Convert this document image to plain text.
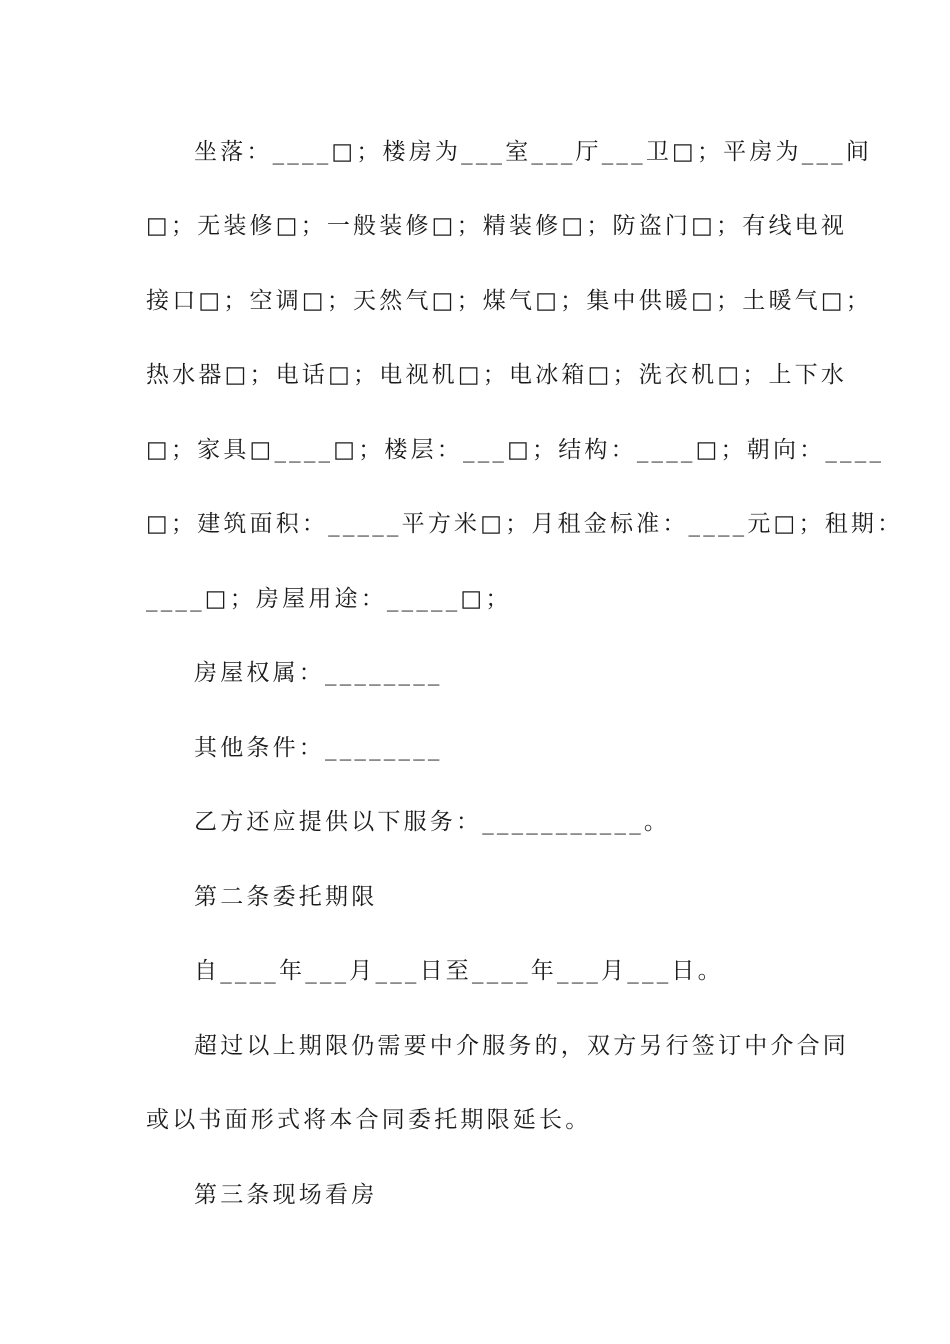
坐落：____□；楼房为___室___厅___卫□；平房为___间
□；无装修□；一般装修□；精装修□；防盗门□；有线电视
接口□；空调□；天然气□；煤气□；集中供暖□；土暖气□；
热水器□；电话□；电视机□；电冰箱□；洗衣机□；上下水
□；家具□____□；楼层：___□；结构：____□；朝向：____
□；建筑面积：_____平方米□；月租金标准：____元□；租期：
____□；房屋用途：_____□；
房屋权属：________
其他条件：________
乙方还应提供以下服务：___________。
第二条委托期限
自____年___月___日至____年___月___日。
超过以上期限仍需要中介服务的，双方另行签订中介合同
或以书面形式将本合同委托期限延长。
第三条现场看房
